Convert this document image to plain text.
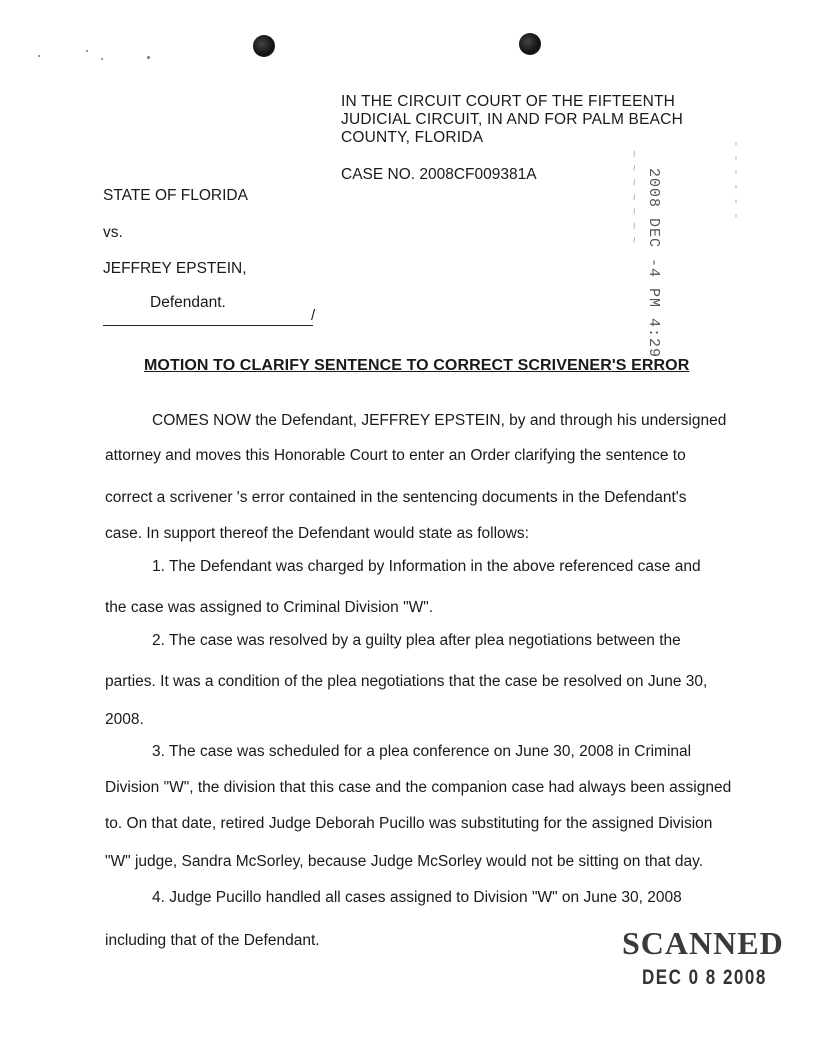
IN THE CIRCUIT COURT OF THE FIFTEENTH
JUDICIAL CIRCUIT, IN AND FOR PALM BEACH
COUNTY, FLORIDA
CASE NO. 2008CF009381A	2008 DEC -4 PM 4:29
~ ~ ~ ~ ~ ~ ~	- - - - - -
STATE OF FLORIDA
vs.
JEFFREY EPSTEIN,
Defendant.
/
MOTION TO CLARIFY SENTENCE TO CORRECT SCRIVENER'S ERROR
COMES NOW the Defendant, JEFFREY EPSTEIN, by and through his undersigned
attorney and moves this Honorable Court to enter an Order clarifying the sentence to
correct a scrivener 's error contained in the sentencing documents in the Defendant's
case. In support thereof the Defendant would state as follows:
1. The Defendant was charged by Information in the above referenced case and
the case was assigned to Criminal Division "W".
2. The case was resolved by a guilty plea after plea negotiations between the
parties. It was a condition of the plea negotiations that the case be resolved on June 30,
2008.
3. The case was scheduled for a plea conference on June 30, 2008 in Criminal
Division "W", the division that this case and the companion case had always been assigned
to. On that date, retired Judge Deborah Pucillo was substituting for the assigned Division
"W" judge, Sandra McSorley, because Judge McSorley would not be sitting on that day.
4. Judge Pucillo handled all cases assigned to Division "W" on June 30, 2008
including that of the Defendant.	SCANNED
DEC 0 8 2008
